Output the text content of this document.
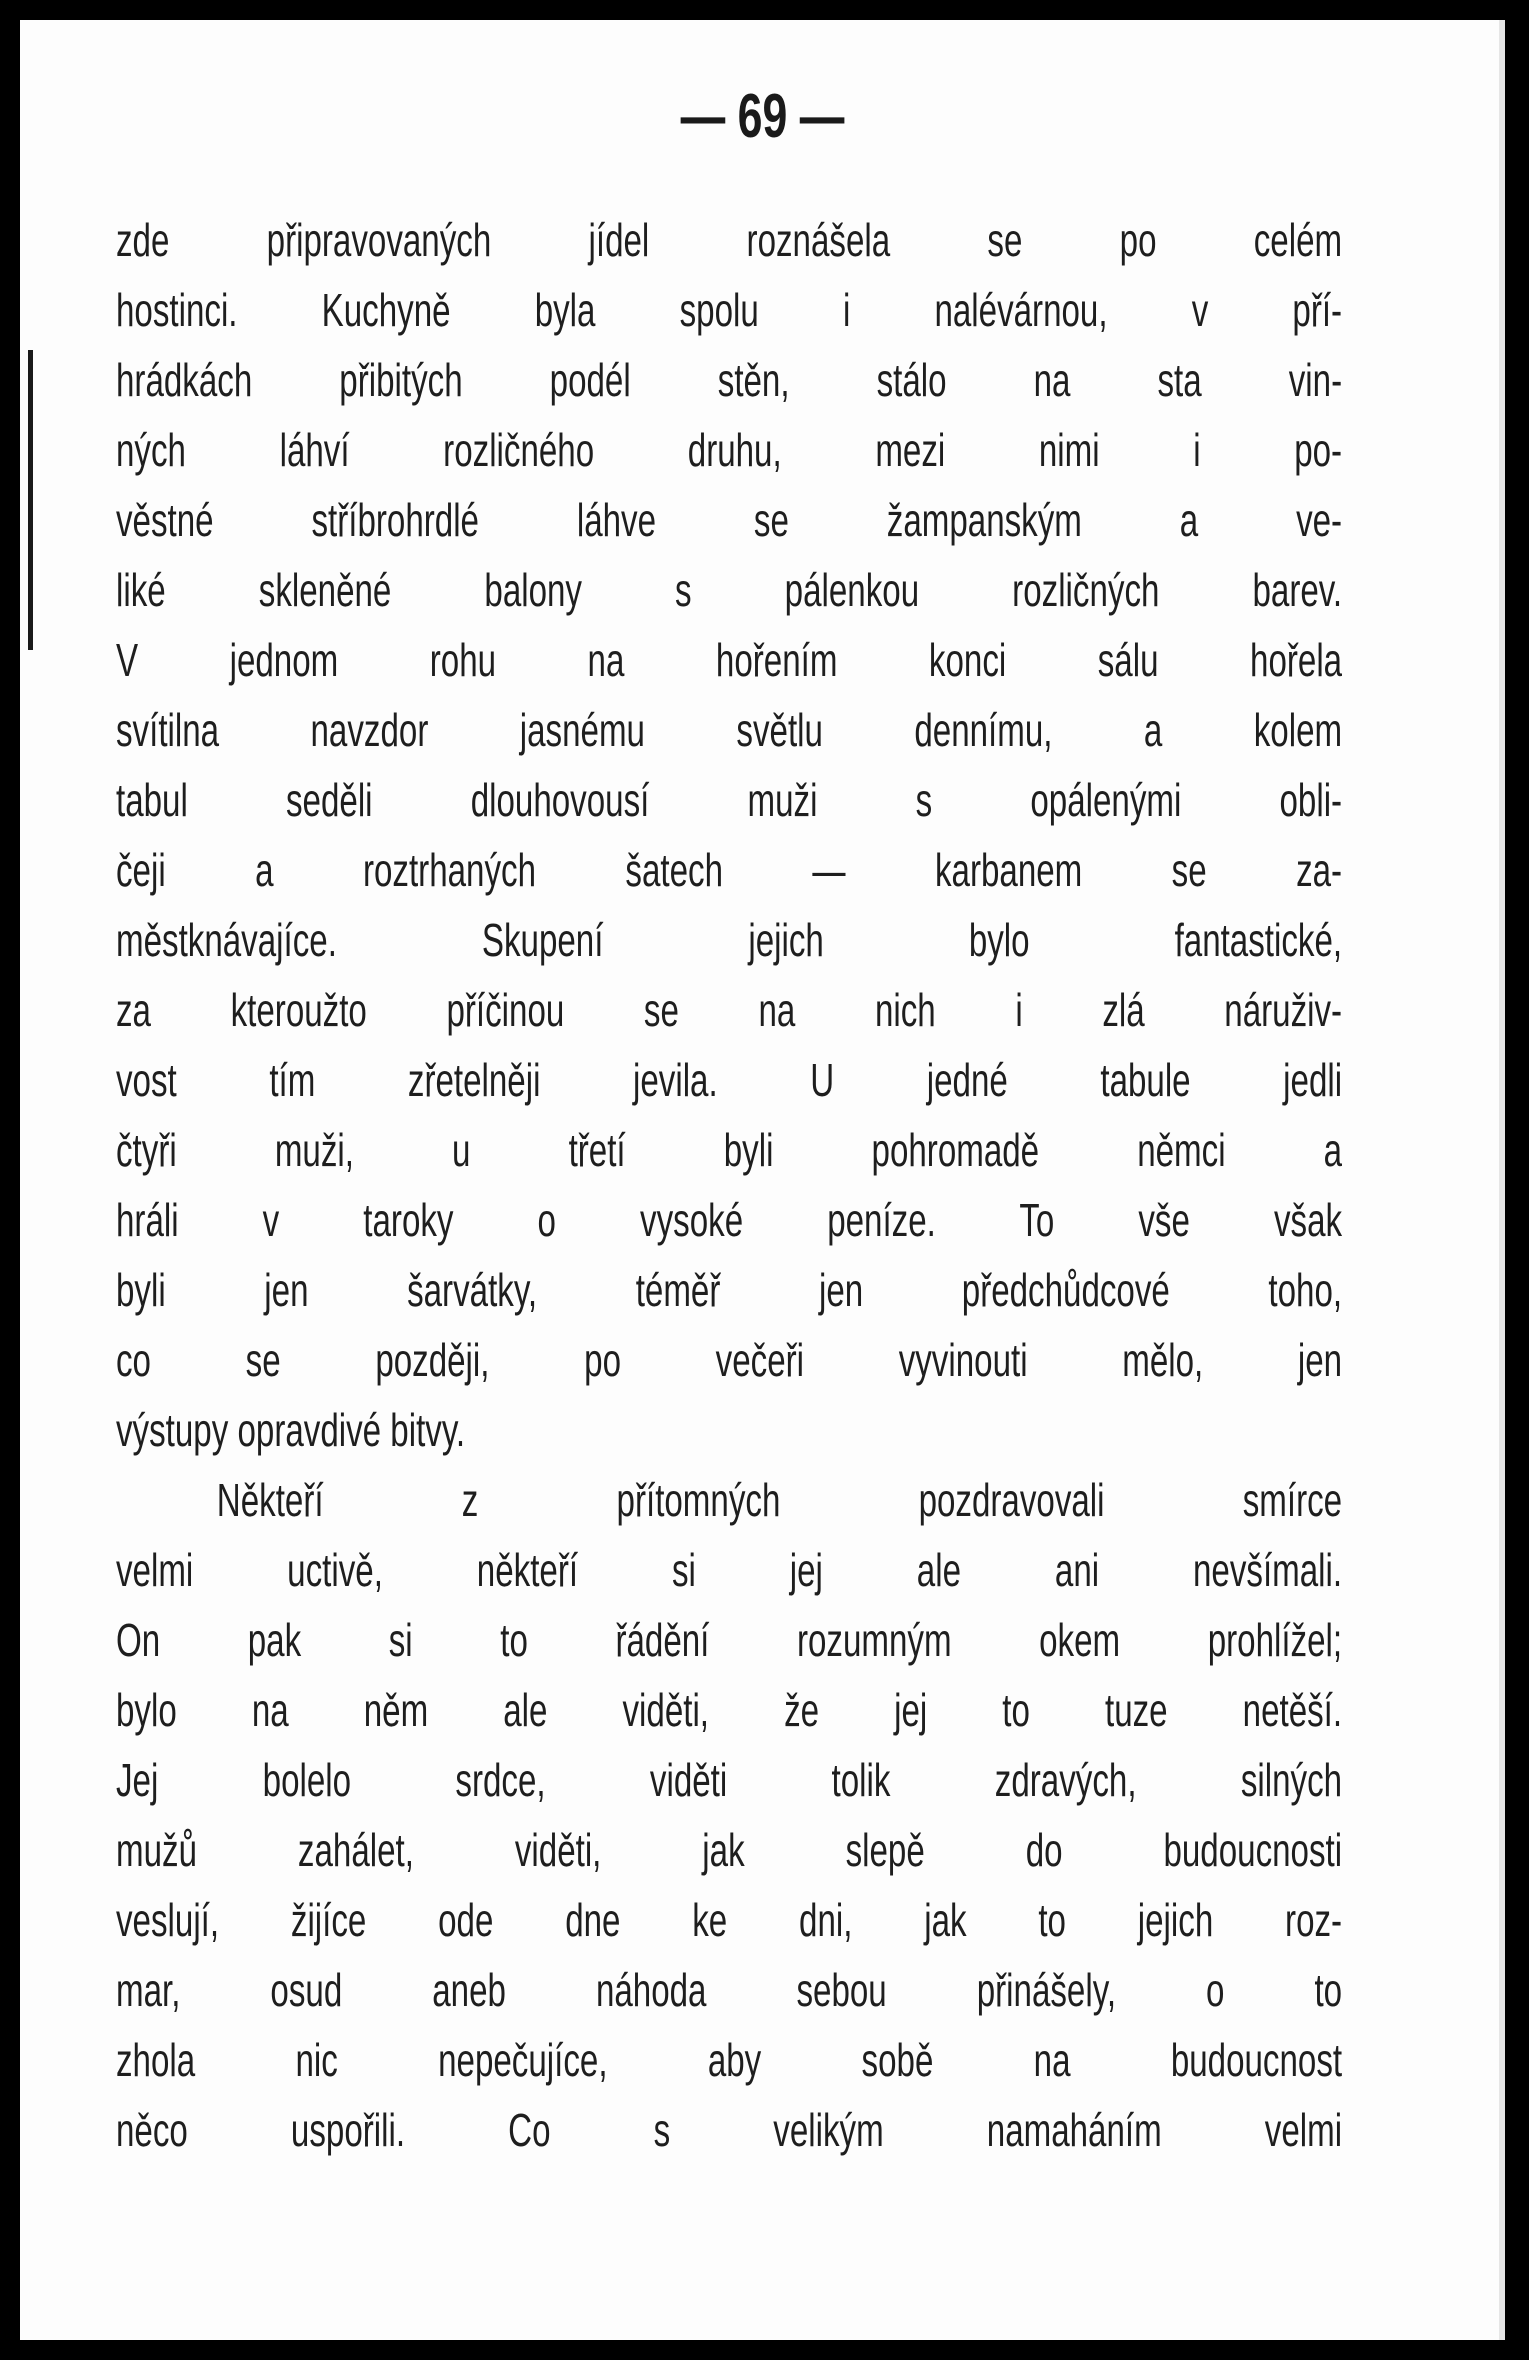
— 69 —
zde připravovaných jídel roznášela se po celém
hostinci. Kuchyně byla spolu i nalévárnou, v pří-
hrádkách přibitých podél stěn, stálo na sta vin-
ných láhví rozličného druhu, mezi nimi i po-
věstné stříbrohrdlé láhve se žampanským a ve-
liké skleněné balony s pálenkou rozličných barev.
V jednom rohu na hořením konci sálu hořela
svítilna navzdor jasnému světlu dennímu, a kolem
tabul seděli dlouhovousí muži s opálenými obli-
čeji a roztrhaných šatech — karbanem se za-
městknávajíce. Skupení jejich bylo fantastické,
za kteroužto příčinou se na nich i zlá náruživ-
vost tím zřetelněji jevila. U jedné tabule jedli
čtyři muži, u třetí byli pohromadě němci a
hráli v taroky o vysoké peníze. To vše však
byli jen šarvátky, téměř jen předchůdcové toho,
co se později, po večeři vyvinouti mělo, jen
výstupy opravdivé bitvy.
Někteří z přítomných pozdravovali smírce
velmi uctivě, někteří si jej ale ani nevšímali.
On pak si to řádění rozumným okem prohlížel;
bylo na něm ale viděti, že jej to tuze netěší.
Jej bolelo srdce, viděti tolik zdravých, silných
mužů zahálet, viděti, jak slepě do budoucnosti
veslují, žijíce ode dne ke dni, jak to jejich roz-
mar, osud aneb náhoda sebou přinášely, o to
zhola nic nepečujíce, aby sobě na budoucnost
něco uspořili. Co s velikým namaháním velmi
